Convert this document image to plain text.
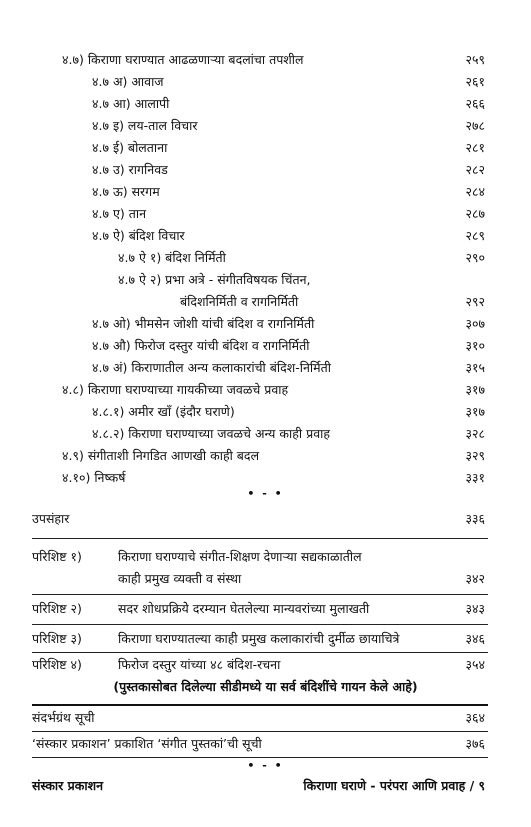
४.७) किराणा घराण्यात आढळणाऱ्या बदलांचा तपशील	२५९
४.७ अ) आवाज	२६१
४.७ आ) आलापी	२६६
४.७ इ) लय-ताल विचार	२७८
४.७ ई) बोलताना	२८१
४.७ उ) रागनिवड	२८२
४.७ ऊ) सरगम	२८४
४.७ ए) तान	२८७
४.७ ऐ) बंदिश विचार	२८९
४.७ ऐ १) बंदिश निर्मिती	२९०
४.७ ऐ २) प्रभा अत्रे - संगीतविषयक चिंतन,
बंदिशनिर्मिती व रागनिर्मिती	२९२
४.७ ओ) भीमसेन जोशी यांची बंदिश व रागनिर्मिती	३०७
४.७ औ) फिरोज दस्तुर यांची बंदिश व रागनिर्मिती	३१०
४.७ अं) किराणातील अन्य कलाकारांची बंदिश-निर्मिती	३१५
४.८) किराणा घराण्याच्या गायकीच्या जवळचे प्रवाह	३१७
४.८.१) अमीर खाँ (इंदौर घराणे)	३१७
४.८.२) किराणा घराण्याच्या जवळचे अन्य काही प्रवाह	३२८
४.९) संगीताशी निगडित आणखी काही बदल	३२९
४.१०) निष्कर्ष	३३१
• - •
उपसंहार	३३६
परिशिष्ट १)	किराणा घराण्याचे संगीत-शिक्षण देणाऱ्या सद्यकाळातील
काही प्रमुख व्यक्ती व संस्था	३४२
परिशिष्ट २)	सदर शोधप्रक्रियेे दरम्यान घेतलेल्या मान्यवरांच्या मुलाखती	३४३
परिशिष्ट ३)	किराणा घराण्यातल्या काही प्रमुख कलाकारांची दुर्मीळ छायाचित्रे	३४६
परिशिष्ट ४)	फिरोज दस्तुर यांच्या ४८ बंदिश-रचना	३५४
(पुस्तकासोबत दिलेल्या सीडीमध्ये या सर्व बंदिशींचे गायन केले आहे)
संदर्भग्रंथ सूची	३६४
‘संस्कार प्रकाशन’ प्रकाशित ‘संगीत पुस्तकां’ची सूची	३७६
• - •
संस्कार प्रकाशन	किराणा घराणे - परंपरा आणि प्रवाह / ९
